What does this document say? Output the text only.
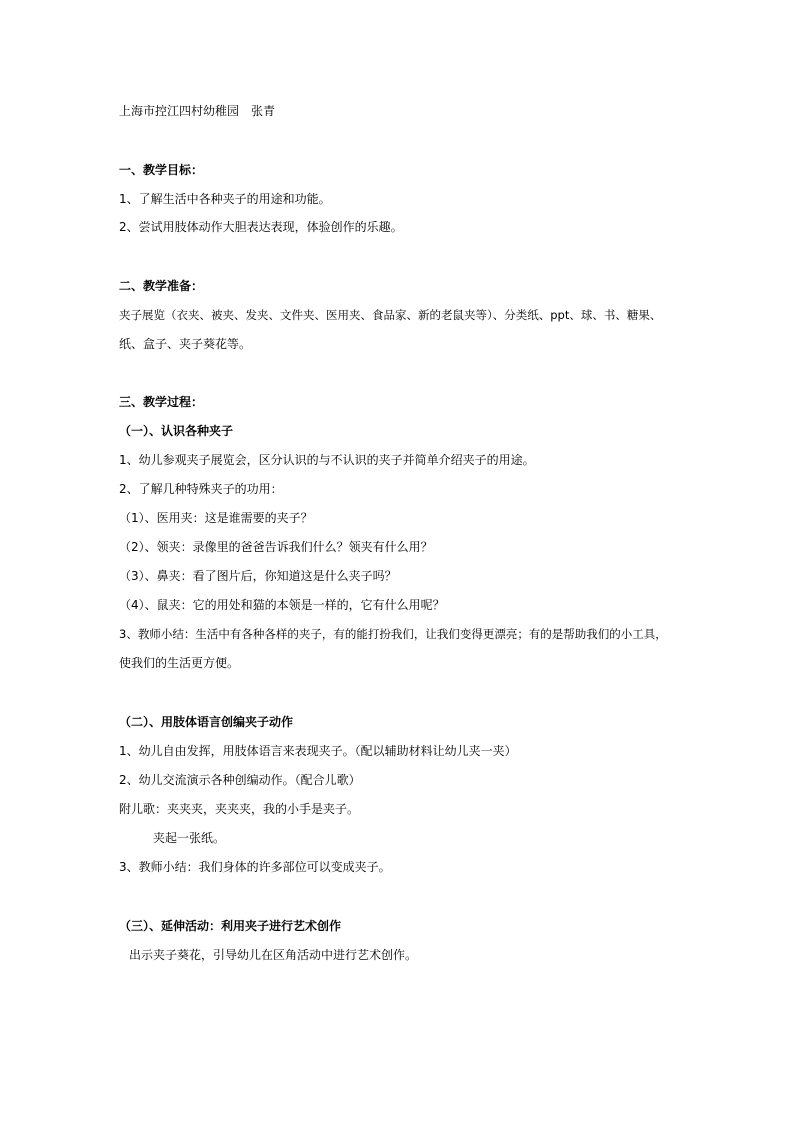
上海市控江四村幼稚园　张青
一、教学目标：
1、了解生活中各种夹子的用途和功能。
2、尝试用肢体动作大胆表达表现，体验创作的乐趣。
二、教学准备：
夹子展览（衣夹、被夹、发夹、文件夹、医用夹、食品家、新的老鼠夹等）、分类纸、ppt、球、书、糖果、
纸、盒子、夹子葵花等。
三、教学过程：
（一）、认识各种夹子
1、幼儿参观夹子展览会，区分认识的与不认识的夹子并简单介绍夹子的用途。
2、了解几种特殊夹子的功用：
（1）、医用夹：这是谁需要的夹子？
（2）、领夹：录像里的爸爸告诉我们什么？领夹有什么用？
（3）、鼻夹：看了图片后，你知道这是什么夹子吗？
（4）、鼠夹：它的用处和猫的本领是一样的，它有什么用呢？
3、教师小结：生活中有各种各样的夹子，有的能打扮我们，让我们变得更漂亮；有的是帮助我们的小工具，
使我们的生活更方便。
（二）、用肢体语言创编夹子动作
1、幼儿自由发挥，用肢体语言来表现夹子。（配以辅助材料让幼儿夹一夹）
2、幼儿交流演示各种创编动作。（配合儿歌）
附儿歌：夹夹夹，夹夹夹，我的小手是夹子。
夹起一张纸。
3、教师小结：我们身体的许多部位可以变成夹子。
（三）、延伸活动：利用夹子进行艺术创作
出示夹子葵花，引导幼儿在区角活动中进行艺术创作。
